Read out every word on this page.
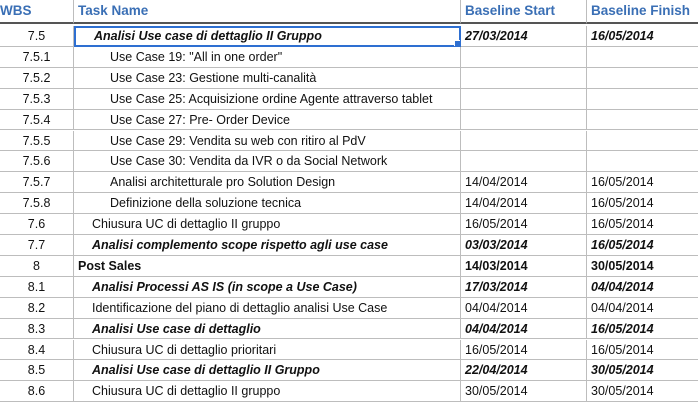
WBS	Task Name	Baseline Start	Baseline Finish
7.5	Analisi Use case di dettaglio II Gruppo	27/03/2014	16/05/2014
7.5.1	Use Case 19: "All in one order"
7.5.2	Use Case 23: Gestione multi-canalità
7.5.3	Use Case 25: Acquisizione ordine Agente attraverso tablet
7.5.4	Use Case 27: Pre- Order Device
7.5.5	Use Case 29: Vendita su web con ritiro al PdV
7.5.6	Use Case 30: Vendita da IVR o da Social Network
7.5.7	Analisi architetturale pro Solution Design	14/04/2014	16/05/2014
7.5.8	Definizione della soluzione tecnica	14/04/2014	16/05/2014
7.6	Chiusura UC di dettaglio II gruppo	16/05/2014	16/05/2014
7.7	Analisi complemento scope rispetto agli use case	03/03/2014	16/05/2014
8	Post Sales	14/03/2014	30/05/2014
8.1	Analisi Processi AS IS (in scope a Use Case)	17/03/2014	04/04/2014
8.2	Identificazione del piano di dettaglio analisi Use Case	04/04/2014	04/04/2014
8.3	Analisi Use case di dettaglio	04/04/2014	16/05/2014
8.4	Chiusura UC di dettaglio prioritari	16/05/2014	16/05/2014
8.5	Analisi Use case di dettaglio II Gruppo	22/04/2014	30/05/2014
8.6	Chiusura UC di dettaglio II gruppo	30/05/2014	30/05/2014
